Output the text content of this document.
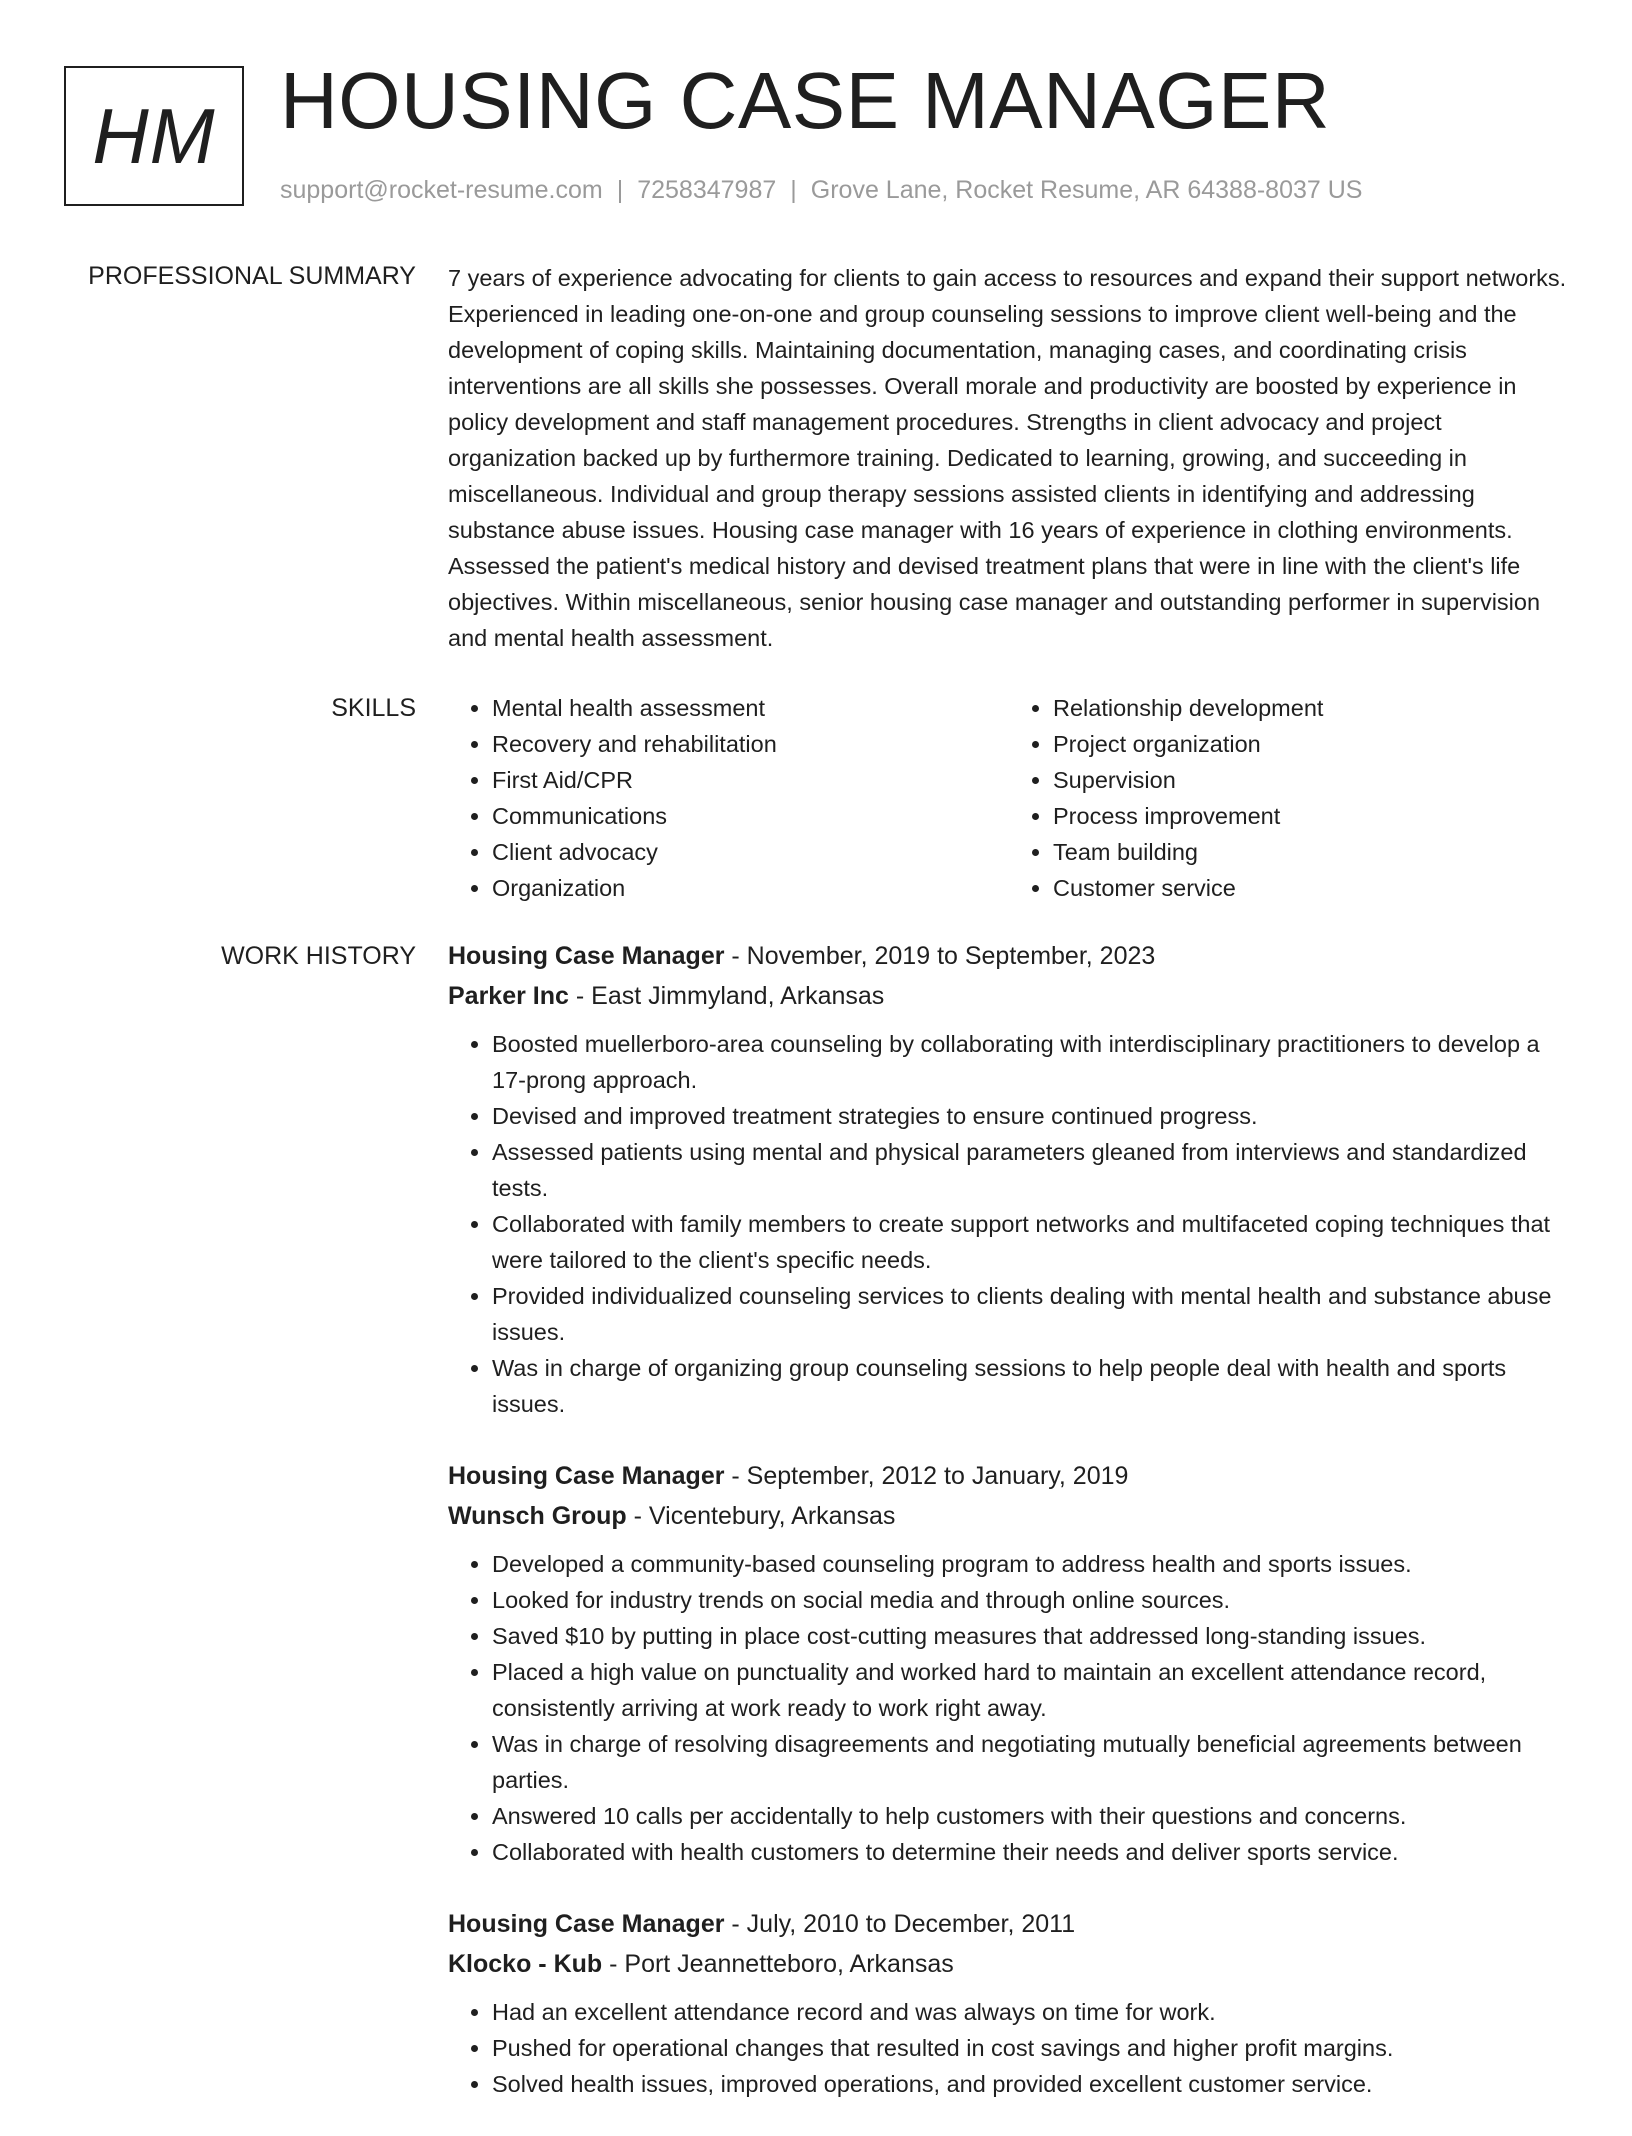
HM HOUSING CASE MANAGER
support@rocket-resume.com | 7258347987 | Grove Lane, Rocket Resume, AR 64388-8037 US
PROFESSIONAL SUMMARY 7 years of experience advocating for clients to gain access to resources and expand their support networks. Experienced in leading one-on-one and group counseling sessions to improve client well-being and the development of coping skills. Maintaining documentation, managing cases, and coordinating crisis interventions are all skills she possesses. Overall morale and productivity are boosted by experience in policy development and staff management procedures. Strengths in client advocacy and project organization backed up by furthermore training. Dedicated to learning, growing, and succeeding in miscellaneous. Individual and group therapy sessions assisted clients in identifying and addressing substance abuse issues. Housing case manager with 16 years of experience in clothing environments. Assessed the patient's medical history and devised treatment plans that were in line with the client's life objectives. Within miscellaneous, senior housing case manager and outstanding performer in supervision and mental health assessment.

SKILLS
•	Mental health assessment
• Recovery and rehabilitation
• First Aid/CPR
• Communications
• Client advocacy
• Organization
• Relationship development
• Project organization
• Supervision
• Process improvement
• Team building
• Customer service
WORK HISTORY Housing Case Manager - November, 2019 to September, 2023
Parker Inc - East Jimmyland, Arkansas
• Boosted muellerboro-area counseling by collaborating with interdisciplinary practitioners to develop a 17-prong approach.
• Devised and improved treatment strategies to ensure continued progress.
• Assessed patients using mental and physical parameters gleaned from interviews and standardized tests.
• Collaborated with family members to create support networks and multifaceted coping techniques that were tailored to the client's specific needs.
• Provided individualized counseling services to clients dealing with mental health and substance abuse issues.
• Was in charge of organizing group counseling sessions to help people deal with health and sports issues.
Housing Case Manager - September, 2012 to January, 2019
Wunsch Group - Vicentebury, Arkansas
• Developed a community-based counseling program to address health and sports issues.
• Looked for industry trends on social media and through online sources.
• Saved $10 by putting in place cost-cutting measures that addressed long-standing issues.
• Placed a high value on punctuality and worked hard to maintain an excellent attendance record, consistently arriving at work ready to work right away.
• Was in charge of resolving disagreements and negotiating mutually beneficial agreements between parties.
• Answered 10 calls per accidentally to help customers with their questions and concerns.
• Collaborated with health customers to determine their needs and deliver sports service.
Housing Case Manager - July, 2010 to December, 2011
Klocko - Kub - Port Jeannetteboro, Arkansas
• Had an excellent attendance record and was always on time for work.
• Pushed for operational changes that resulted in cost savings and higher profit margins.
• Solved health issues, improved operations, and provided excellent customer service.
